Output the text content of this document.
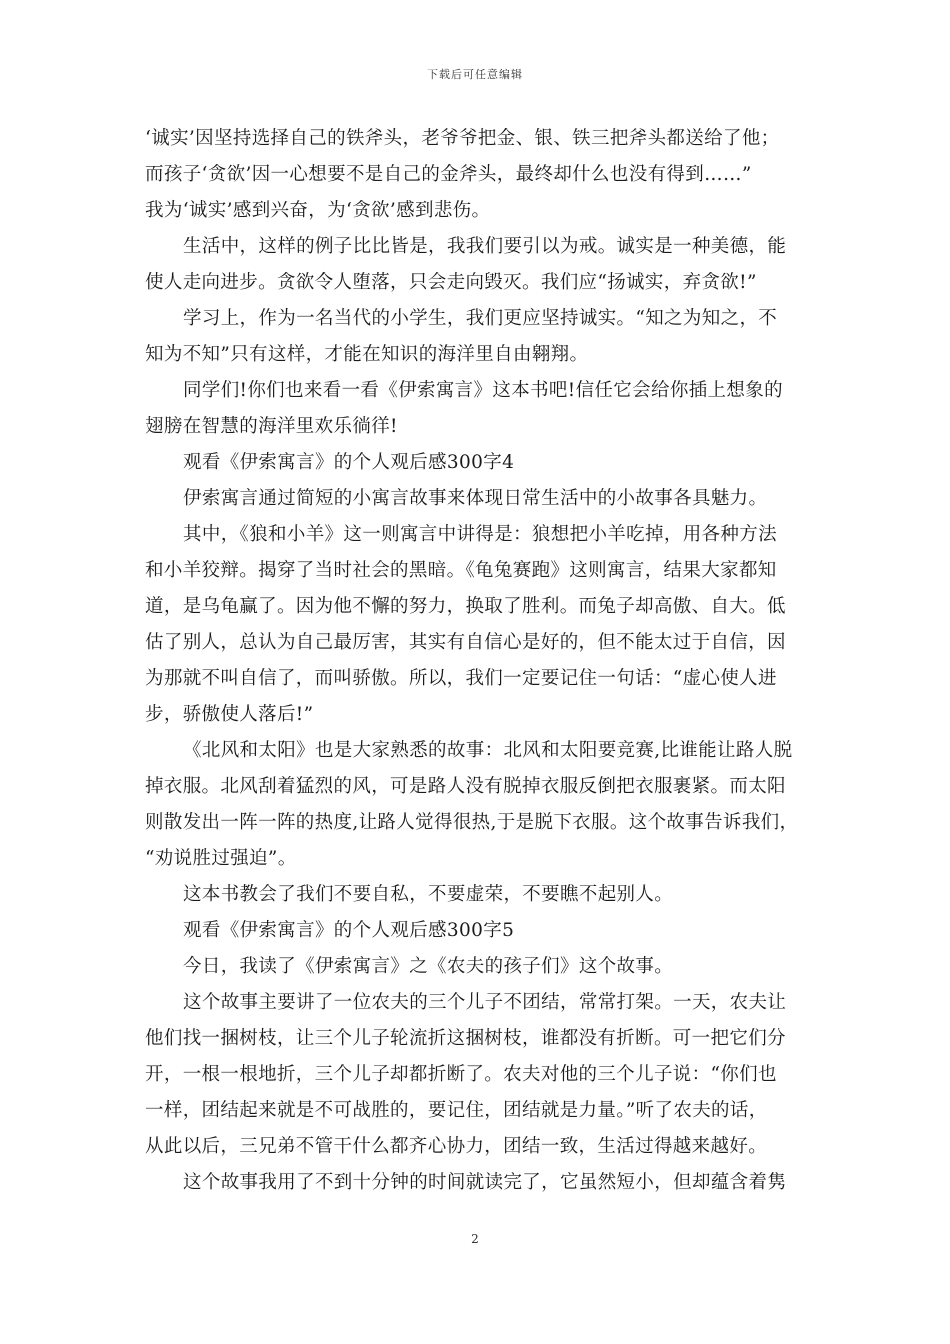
下载后可任意编辑
‘诚实’因坚持选择自己的铁斧头，老爷爷把金、银、铁三把斧头都送给了他；
而孩子‘贪欲’因一心想要不是自己的金斧头，最终却什么也没有得到……”
我为‘诚实’感到兴奋，为‘贪欲’感到悲伤。
生活中，这样的例子比比皆是，我我们要引以为戒。诚实是一种美德，能
使人走向进步。贪欲令人堕落，只会走向毁灭。我们应“扬诚实，弃贪欲!”
学习上，作为一名当代的小学生，我们更应坚持诚实。“知之为知之，不
知为不知”只有这样，才能在知识的海洋里自由翱翔。
同学们!你们也来看一看《伊索寓言》这本书吧!信任它会给你插上想象的
翅膀在智慧的海洋里欢乐徜徉!
观看《伊索寓言》的个人观后感300字4
伊索寓言通过简短的小寓言故事来体现日常生活中的小故事各具魅力。
其中，《狼和小羊》这一则寓言中讲得是：狼想把小羊吃掉，用各种方法
和小羊狡辩。揭穿了当时社会的黑暗。《龟兔赛跑》这则寓言，结果大家都知
道，是乌龟赢了。因为他不懈的努力，换取了胜利。而兔子却高傲、自大。低
估了别人，总认为自己最厉害，其实有自信心是好的，但不能太过于自信，因
为那就不叫自信了，而叫骄傲。所以，我们一定要记住一句话：“虚心使人进
步，骄傲使人落后!”
《北风和太阳》也是大家熟悉的故事：北风和太阳要竞赛,比谁能让路人脱
掉衣服。北风刮着猛烈的风，可是路人没有脱掉衣服反倒把衣服裹紧。而太阳
则散发出一阵一阵的热度,让路人觉得很热,于是脱下衣服。这个故事告诉我们，
“劝说胜过强迫”。
这本书教会了我们不要自私，不要虚荣，不要瞧不起别人。
观看《伊索寓言》的个人观后感300字5
今日，我读了《伊索寓言》之《农夫的孩子们》这个故事。
这个故事主要讲了一位农夫的三个儿子不团结，常常打架。一天，农夫让
他们找一捆树枝，让三个儿子轮流折这捆树枝，谁都没有折断。可一把它们分
开，一根一根地折，三个儿子却都折断了。农夫对他的三个儿子说：“你们也
一样，团结起来就是不可战胜的，要记住，团结就是力量。”听了农夫的话，
从此以后，三兄弟不管干什么都齐心协力，团结一致，生活过得越来越好。
这个故事我用了不到十分钟的时间就读完了，它虽然短小，但却蕴含着隽
2
